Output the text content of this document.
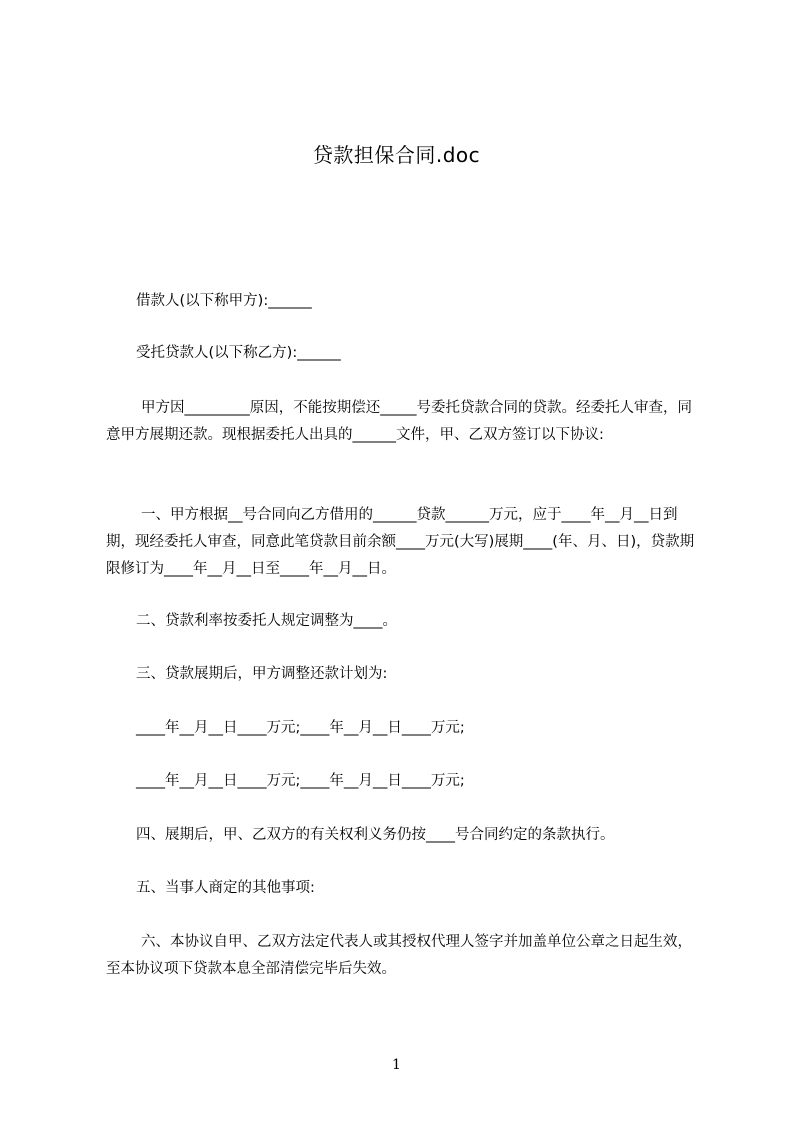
贷款担保合同.doc
借款人(以下称甲方):______
受托贷款人(以下称乙方):______
甲方因_________原因，不能按期偿还_____号委托贷款合同的贷款。经委托人审查，同意甲方展期还款。现根据委托人出具的______文件，甲、乙双方签订以下协议:
一、甲方根据__号合同向乙方借用的______贷款______万元，应于____年__月__日到期，现经委托人审查，同意此笔贷款目前余额____万元(大写)展期____(年、月、日)，贷款期限修订为____年__月__日至____年__月__日。
二、贷款利率按委托人规定调整为____。
三、贷款展期后，甲方调整还款计划为:
____年__月__日____万元;____年__月__日____万元;
____年__月__日____万元;____年__月__日____万元;
四、展期后，甲、乙双方的有关权利义务仍按____号合同约定的条款执行。
五、当事人商定的其他事项:
六、本协议自甲、乙双方法定代表人或其授权代理人签字并加盖单位公章之日起生效，至本协议项下贷款本息全部清偿完毕后失效。
1
